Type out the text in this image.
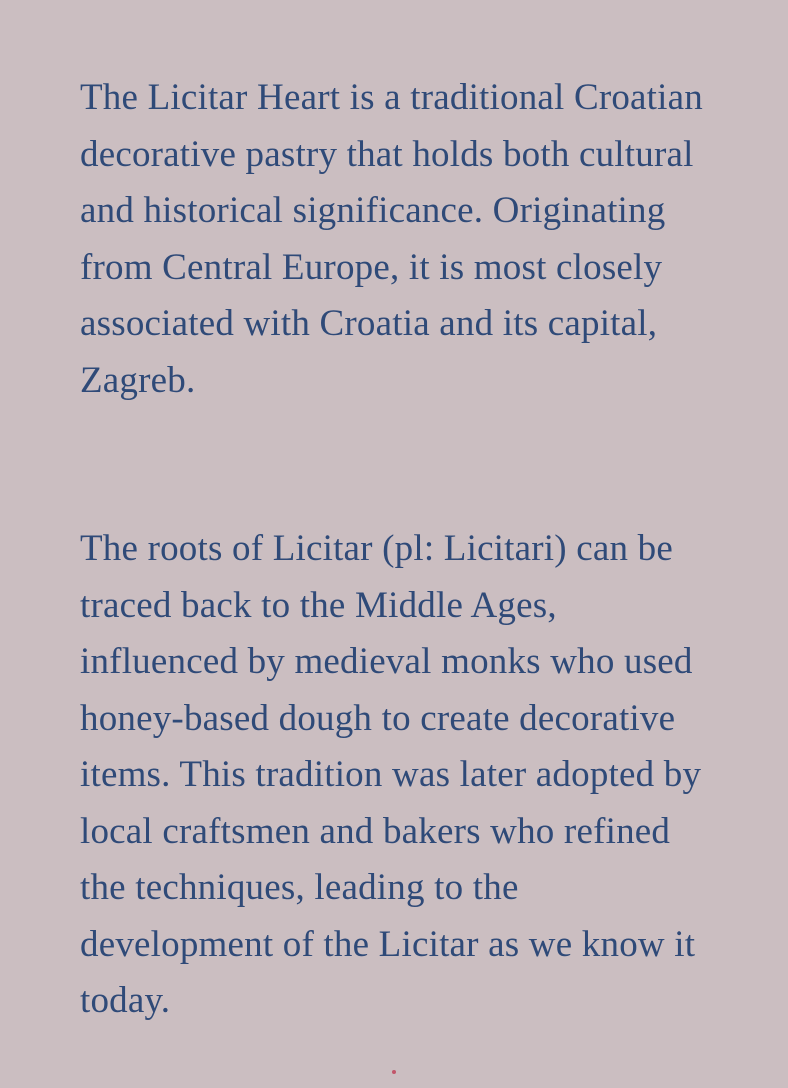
The Licitar Heart is a traditional Croatian decorative pastry that holds both cultural and historical significance. Originating from Central Europe, it is most closely associated with Croatia and its capital, Zagreb.

The roots of Licitar (pl: Licitari) can be traced back to the Middle Ages, influenced by medieval monks who used honey-based dough to create decorative items. This tradition was later adopted by local craftsmen and bakers who refined the techniques, leading to the development of the Licitar as we know it today.
